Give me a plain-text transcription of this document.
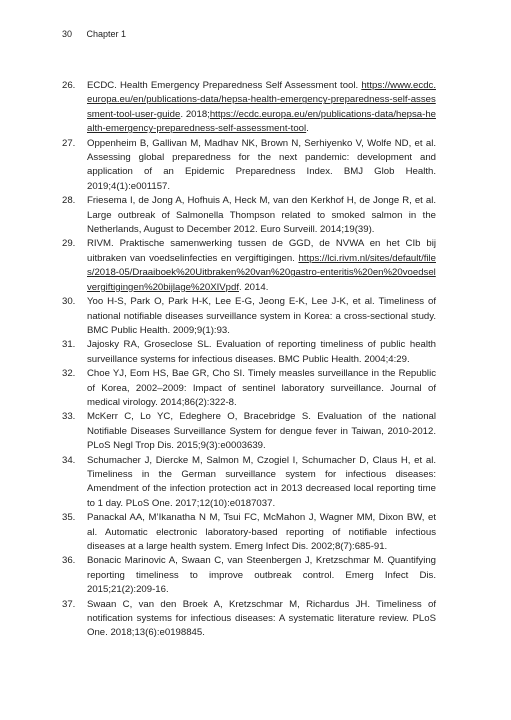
30 Chapter 1
26.	ECDC. Health Emergency Preparedness Self Assessment tool. https://www.ecdc.europa.eu/en/publications-data/hepsa-health-emergency-preparedness-self-assessment-tool-user-guide. 2018;https://ecdc.europa.eu/en/publications-data/hepsa-health-emergency-preparedness-self-assessment-tool.
27.	Oppenheim B, Gallivan M, Madhav NK, Brown N, Serhiyenko V, Wolfe ND, et al. Assessing global preparedness for the next pandemic: development and application of an Epidemic Preparedness Index. BMJ Glob Health. 2019;4(1):e001157.
28.	Friesema I, de Jong A, Hofhuis A, Heck M, van den Kerkhof H, de Jonge R, et al. Large outbreak of Salmonella Thompson related to smoked salmon in the Netherlands, August to December 2012. Euro Surveill. 2014;19(39).
29.	RIVM. Praktische samenwerking tussen de GGD, de NVWA en het CIb bij uitbraken van voedselinfecties en vergiftigingen. https://lci.rivm.nl/sites/default/files/2018-05/Draaiboek%20Uitbraken%20van%20gastro-enteritis%20en%20voedselvergiftigingen%20bijlage%20XIVpdf. 2014.
30.	Yoo H-S, Park O, Park H-K, Lee E-G, Jeong E-K, Lee J-K, et al. Timeliness of national notifiable diseases surveillance system in Korea: a cross-sectional study. BMC Public Health. 2009;9(1):93.
31.	Jajosky RA, Groseclose SL. Evaluation of reporting timeliness of public health surveillance systems for infectious diseases. BMC Public Health. 2004;4:29.
32.	Choe YJ, Eom HS, Bae GR, Cho SI. Timely measles surveillance in the Republic of Korea, 2002–2009: Impact of sentinel laboratory surveillance. Journal of medical virology. 2014;86(2):322-8.
33.	McKerr C, Lo YC, Edeghere O, Bracebridge S. Evaluation of the national Notifiable Diseases Surveillance System for dengue fever in Taiwan, 2010-2012. PLoS Negl Trop Dis. 2015;9(3):e0003639.
34.	Schumacher J, Diercke M, Salmon M, Czogiel I, Schumacher D, Claus H, et al. Timeliness in the German surveillance system for infectious diseases: Amendment of the infection protection act in 2013 decreased local reporting time to 1 day. PLoS One. 2017;12(10):e0187037.
35.	Panackal AA, M’Ikanatha N M, Tsui FC, McMahon J, Wagner MM, Dixon BW, et al. Automatic electronic laboratory-based reporting of notifiable infectious diseases at a large health system. Emerg Infect Dis. 2002;8(7):685-91.
36.	Bonacic Marinovic A, Swaan C, van Steenbergen J, Kretzschmar M. Quantifying reporting timeliness to improve outbreak control. Emerg Infect Dis. 2015;21(2):209-16.
37.	Swaan C, van den Broek A, Kretzschmar M, Richardus JH. Timeliness of notification systems for infectious diseases: A systematic literature review. PLoS One. 2018;13(6):e0198845.
